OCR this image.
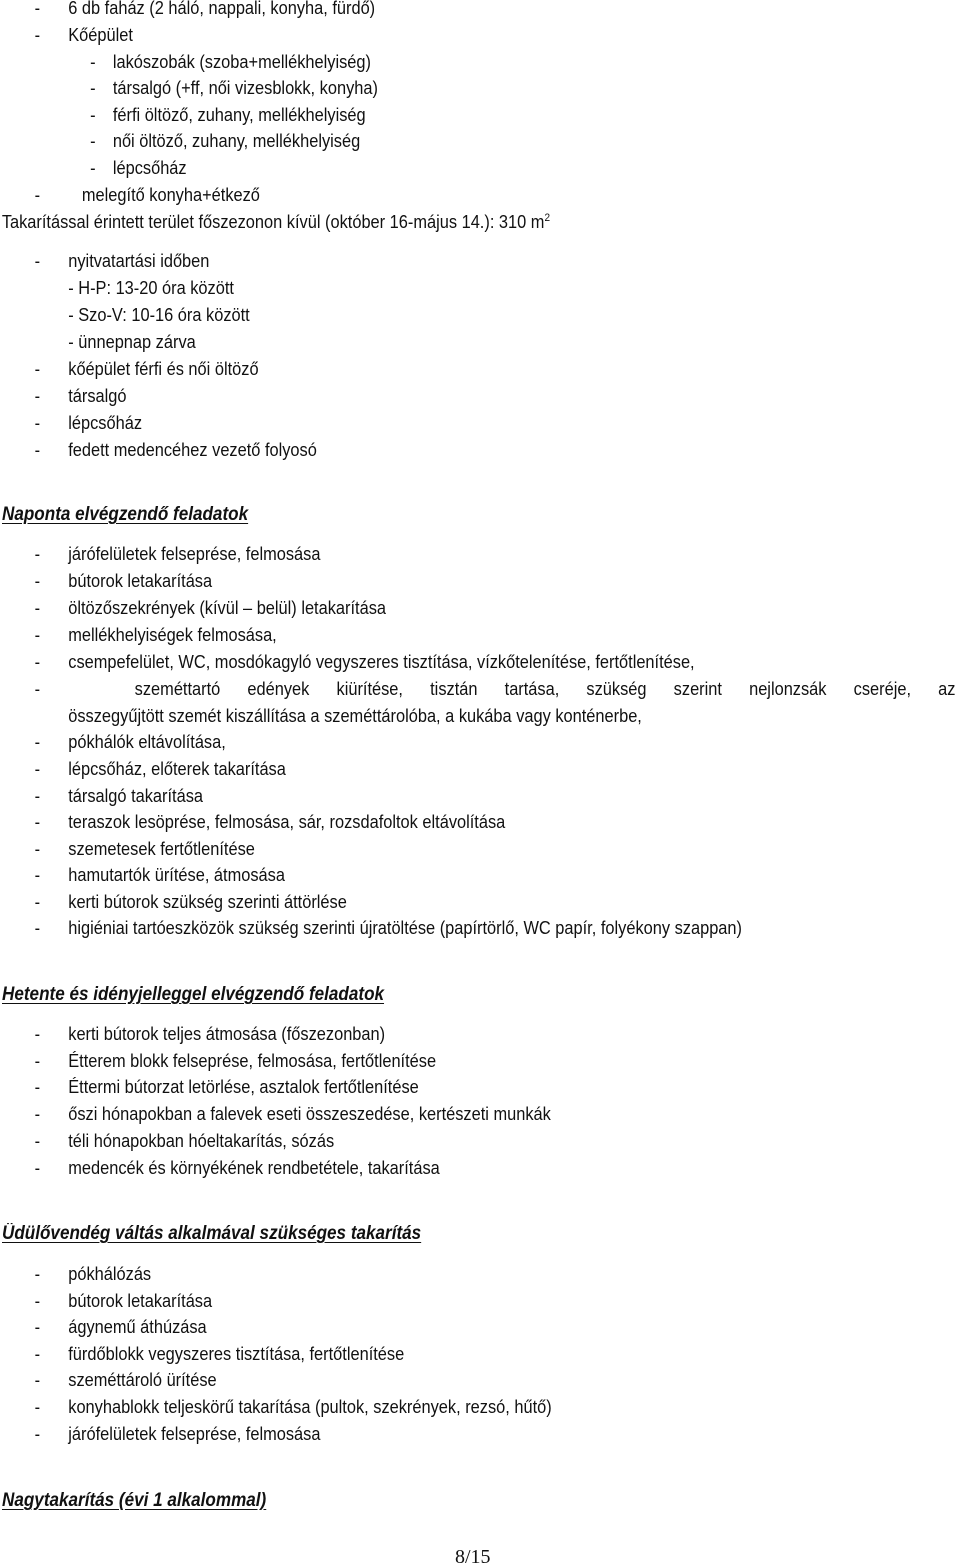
- 6 db faház (2 háló, nappali, konyha, fürdő)
- Kőépület
- lakószobák (szoba+mellékhelyiség)
- társalgó (+ff, női vizesblokk, konyha)
- férfi öltöző, zuhany, mellékhelyiség
- női öltöző, zuhany, mellékhelyiség
- lépcsőház
- melegítő konyha+étkező
Takarítással érintett terület főszezonon kívül (október 16-május 14.): 310 $m^2$
- nyitvatartási időben
- H-P: 13-20 óra között
- Szo-V: 10-16 óra között
- ünnepnap zárva
- kőépület férfi és női öltöző
- társalgó
- lépcsőház
- fedett medencéhez vezető folyosó
Naponta elvégzendő feladatok
- járófelületek felseprése, felmosása
- bútorok letakarítása
- öltözőszekrények (kívül – belül) letakarítása
- mellékhelyiségek felmosása,
- csempefelület, WC, mosdókagyló vegyszeres tisztítása, vízkőtelenítése, fertőtlenítése,
-	szeméttartó edények kiürítése, tisztán tartása, szükség szerint nejlonzsák cseréje, az
összegyűjtött szemét kiszállítása a szeméttárolóba, a kukába vagy konténerbe,
- pókhálók eltávolítása,
- lépcsőház, előterek takarítása
- társalgó takarítása
- teraszok lesöprése, felmosása, sár, rozsdafoltok eltávolítása
- szemetesek fertőtlenítése
- hamutartók ürítése, átmosása
- kerti bútorok szükség szerinti áttörlése
- higiéniai tartóeszközök szükség szerinti újratöltése (papírtörlő, WC papír, folyékony szappan)
Hetente és idényjelleggel elvégzendő feladatok
- kerti bútorok teljes átmosása (főszezonban)
- Étterem blokk felseprése, felmosása, fertőtlenítése
- Éttermi bútorzat letörlése, asztalok fertőtlenítése
- őszi hónapokban a falevek eseti összeszedése, kertészeti munkák
- téli hónapokban hóeltakarítás, sózás
- medencék és környékének rendbetétele, takarítása
Üdülővendég váltás alkalmával szükséges takarítás
- pókhálózás
- bútorok letakarítása
- ágynemű áthúzása
- fürdőblokk vegyszeres tisztítása, fertőtlenítése
- szeméttároló ürítése
- konyhablokk teljeskörű takarítása (pultok, szekrények, rezsó, hűtő)
- járófelületek felseprése, felmosása
Nagytakarítás (évi 1 alkalommal)
8/15
